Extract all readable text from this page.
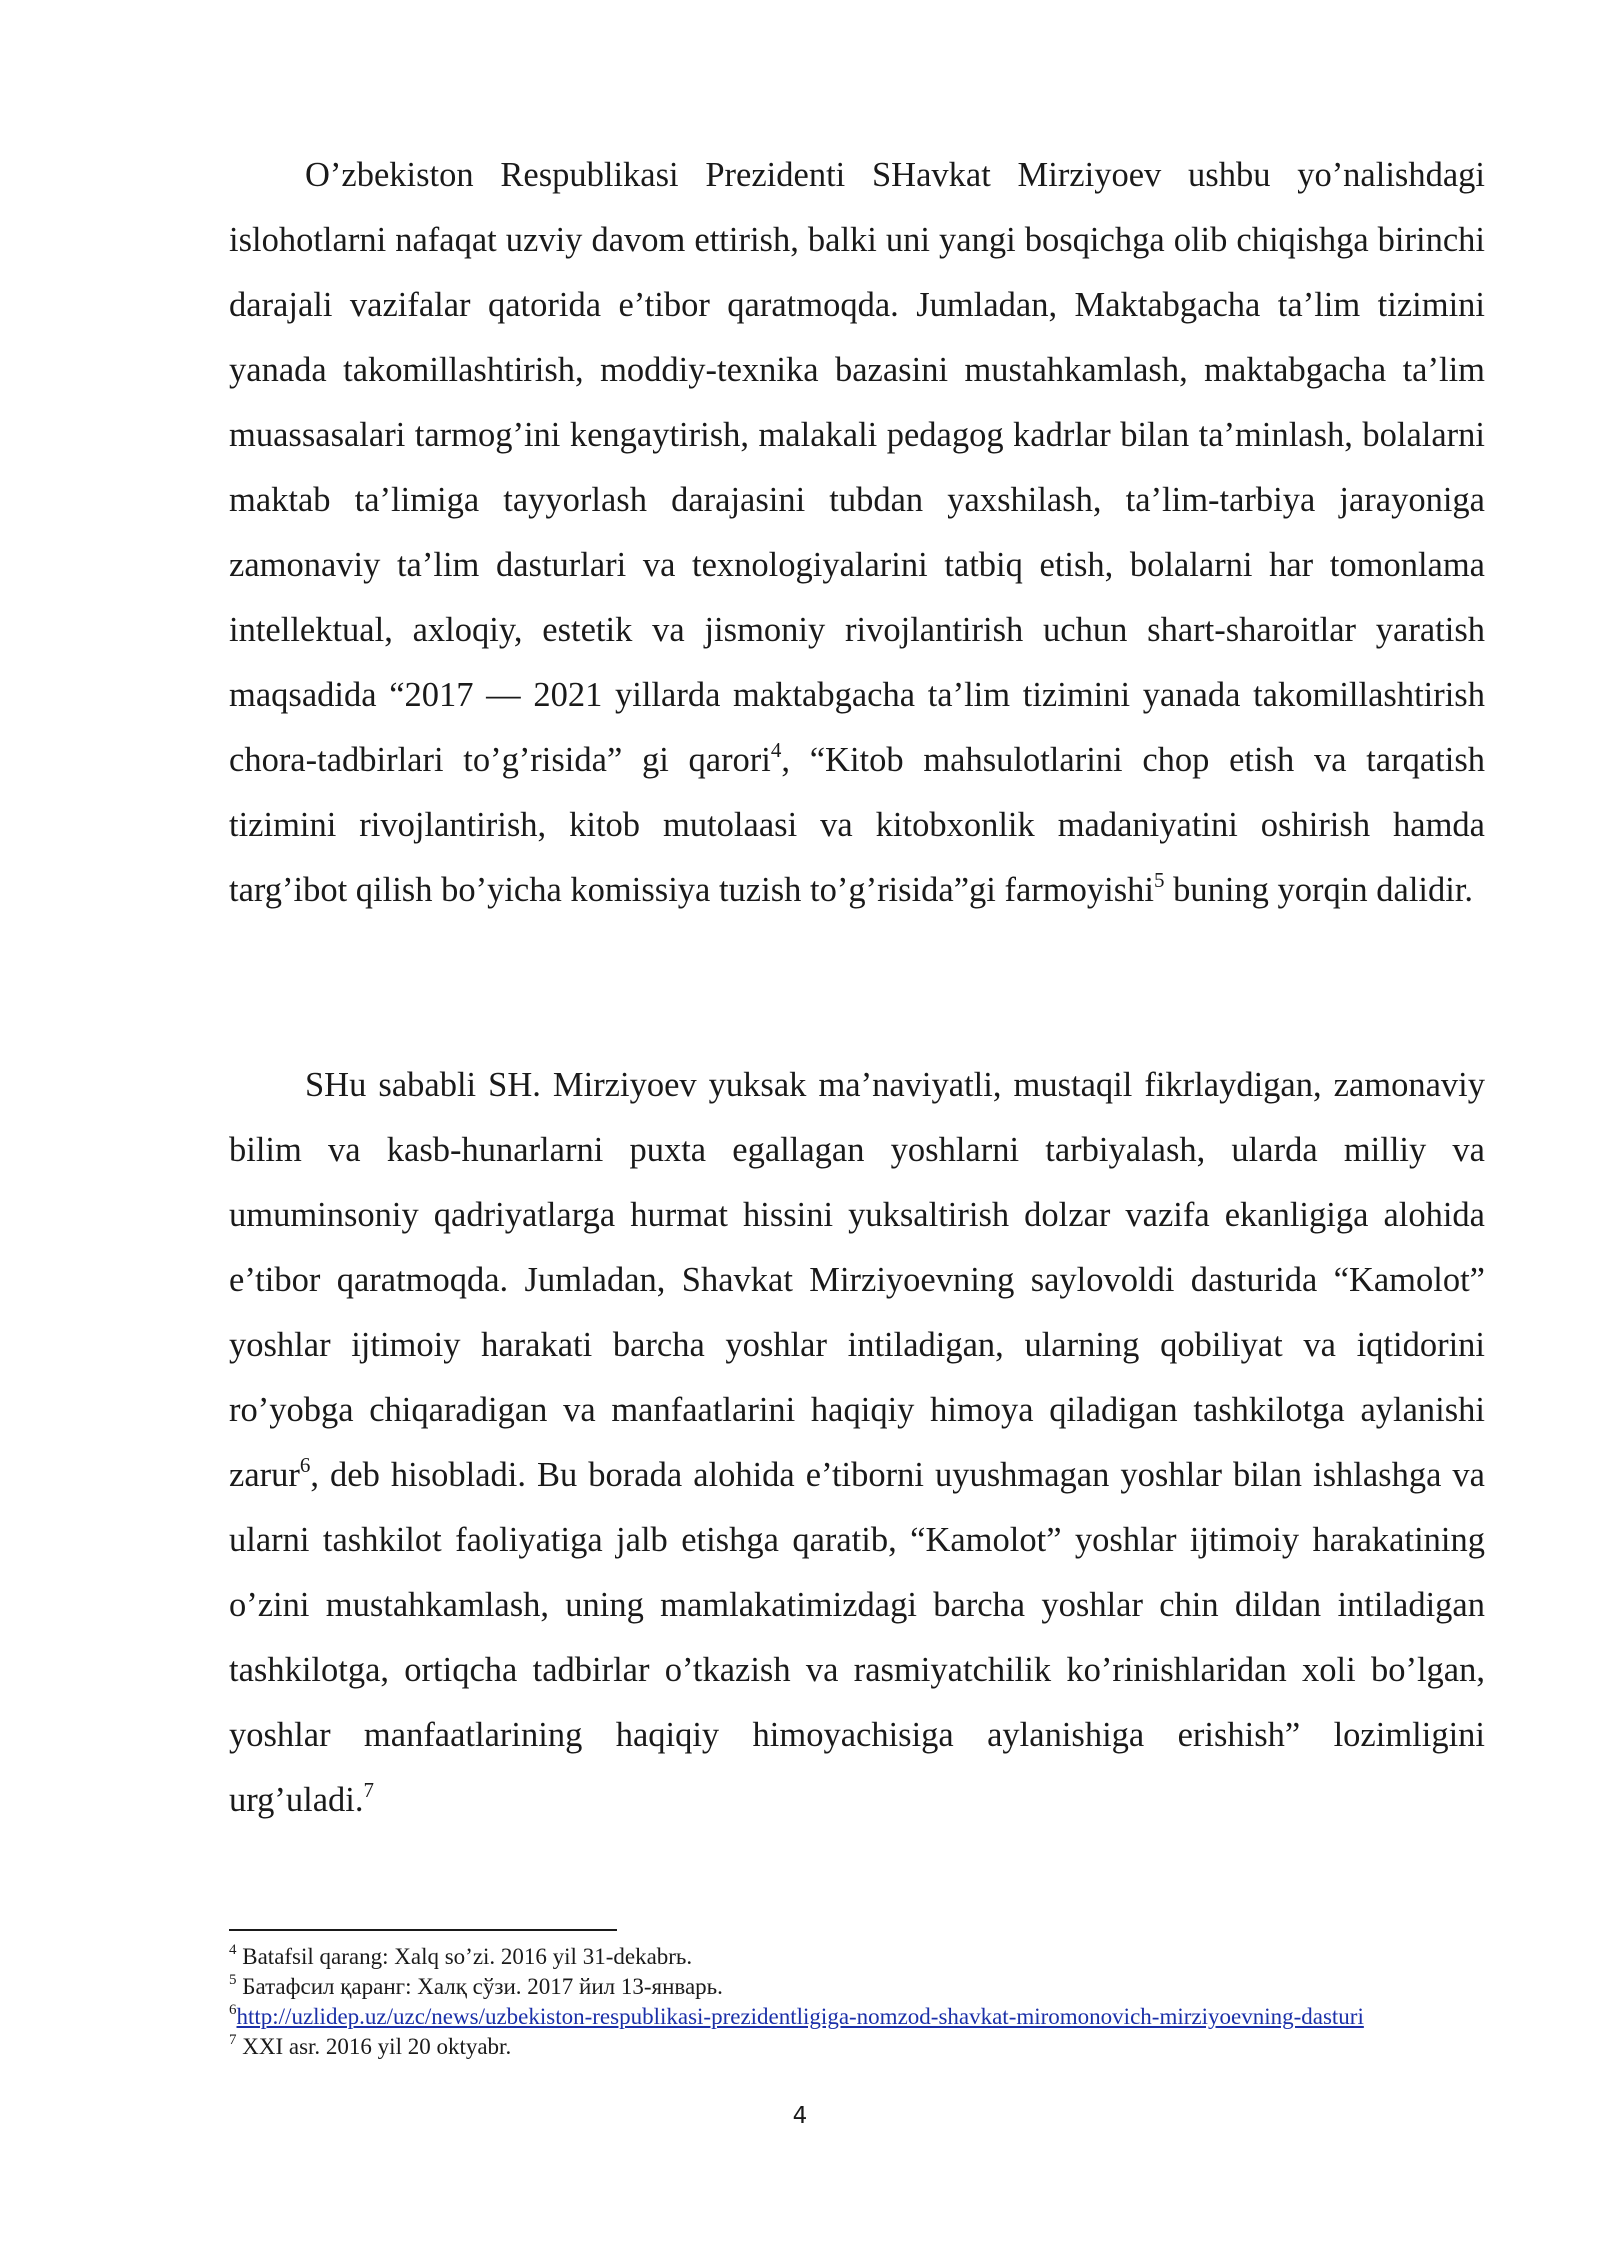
O’zbekiston Respublikasi Prezidenti SHavkat Mirziyoev ushbu yo’nalishdagi islohotlarni nafaqat uzviy davom ettirish, balki uni yangi bosqichga olib chiqishga birinchi darajali vazifalar qatorida e’tibor qaratmoqda. Jumladan, Maktabgacha ta’lim tizimini yanada takomillashtirish, moddiy-texnika bazasini mustahkamlash, maktabgacha ta’lim muassasalari tarmog’ini kengaytirish, malakali pedagog kadrlar bilan ta’minlash, bolalarni maktab ta’limiga tayyorlash darajasini tubdan yaxshilash, ta’lim-tarbiya jarayoniga zamonaviy ta’lim dasturlari va texnologiyalarini tatbiq etish, bolalarni har tomonlama intellektual, axloqiy, estetik va jismoniy rivojlantirish uchun shart-sharoitlar yaratish maqsadida “2017 — 2021 yillarda maktabgacha ta’lim tizimini yanada takomillashtirish chora-tadbirlari to’g’risida” gi qarori$^4$, “Kitob mahsulotlarini chop etish va tarqatish tizimini rivojlantirish, kitob mutolaasi va kitobxonlik madaniyatini oshirish hamda targ’ibot qilish bo’yicha komissiya tuzish to’g’risida”gi farmoyishi$^5$ buning yorqin dalidir.

SHu sababli SH. Mirziyoev yuksak ma’naviyatli, mustaqil fikrlaydigan, zamonaviy bilim va kasb-hunarlarni puxta egallagan yoshlarni tarbiyalash, ularda milliy va umuminsoniy qadriyatlarga hurmat hissini yuksaltirish dolzar vazifa ekanligiga alohida e’tibor qaratmoqda. Jumladan, Shavkat Mirziyoevning saylovoldi dasturida “Kamolot” yoshlar ijtimoiy harakati barcha yoshlar intiladigan, ularning qobiliyat va iqtidorini ro’yobga chiqaradigan va manfaatlarini haqiqiy himoya qiladigan tashkilotga aylanishi zarur$^6$, deb hisobladi. Bu borada alohida e’tiborni uyushmagan yoshlar bilan ishlashga va ularni tashkilot faoliyatiga jalb etishga qaratib, “Kamolot” yoshlar ijtimoiy harakatining o’zini mustahkamlash, uning mamlakatimizdagi barcha yoshlar chin dildan intiladigan tashkilotga, ortiqcha tadbirlar o’tkazish va rasmiyatchilik ko’rinishlaridan xoli bo’lgan, yoshlar manfaatlarining haqiqiy himoyachisiga aylanishiga erishish” lozimligini urg’uladi.$^7$

$^4$ Batafsil qarang: Xalq so’zi. 2016 yil 31-dekabrь.

$^5$ Батафсил қаранг: Халқ сўзи. 2017 йил 13-январь.

$^6$http://uzlidep.uz/uzc/news/uzbekiston-respublikasi-prezidentligiga-nomzod-shavkat-miromonovich-mirziyoevning-dasturi

$^7$ XXI asr. 2016 yil 20 oktyabr.

4
